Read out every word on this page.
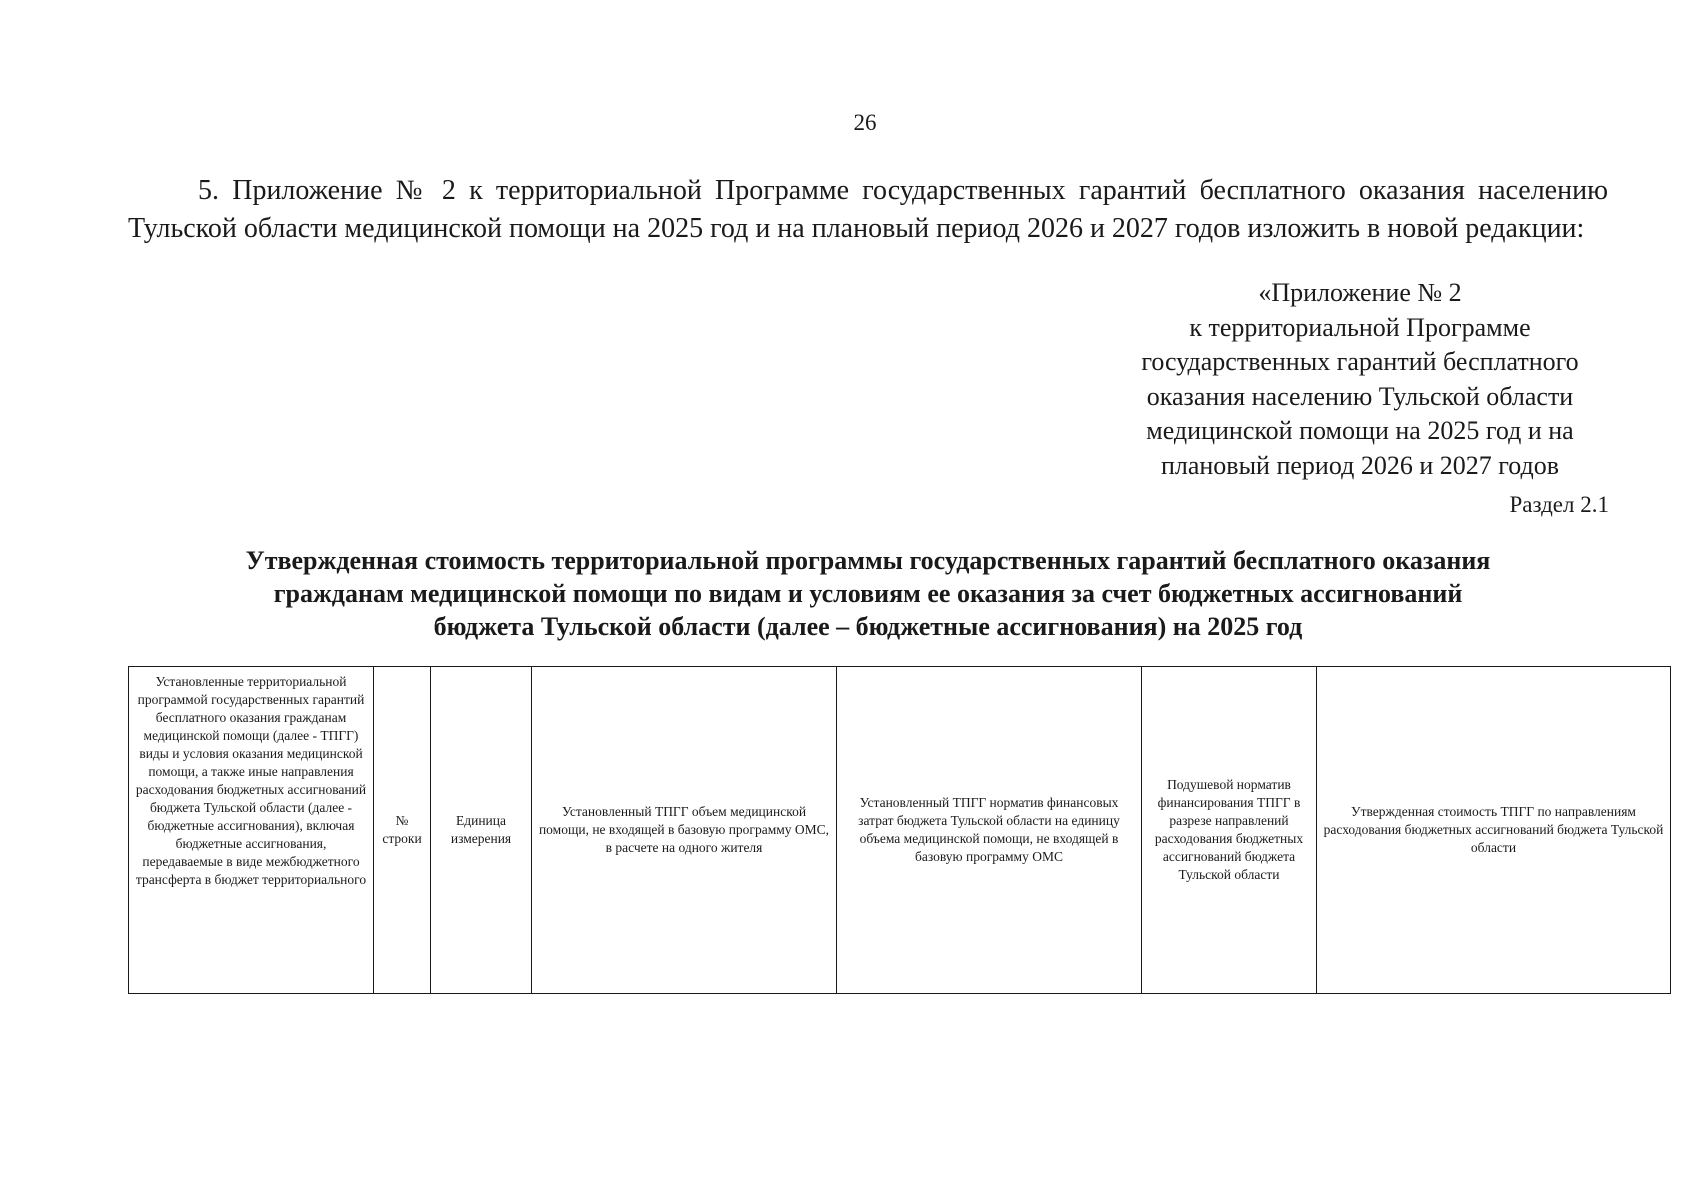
26
5. Приложение № 2 к территориальной Программе государственных гарантий бесплатного оказания населению
Тульской области медицинской помощи на 2025 год и на плановый период 2026 и 2027 годов изложить в новой редакции:
«Приложение № 2
к территориальной Программе
государственных гарантий бесплатного
оказания населению Тульской области
медицинской помощи на 2025 год и на
плановый период 2026 и 2027 годов
Раздел 2.1
Утвержденная стоимость территориальной программы государственных гарантий бесплатного оказания
гражданам медицинской помощи по видам и условиям ее оказания за счет бюджетных ассигнований
бюджета Тульской области (далее – бюджетные ассигнования) на 2025 год
Установленные территориальной программой государственных гарантий бесплатного оказания гражданам медицинской помощи (далее - ТПГГ) виды и условия оказания медицинской помощи, а также иные направления расходования бюджетных ассигнований бюджета Тульской области (далее - бюджетные ассигнования), включая бюджетные ассигнования, передаваемые в виде межбюджетного трансферта в бюджет территориального	№ строки	Единица измерения	Установленный ТПГГ объем медицинской помощи, не входящей в базовую программу ОМС, в расчете на одного жителя	Установленный ТПГГ норматив финансовых затрат бюджета Тульской области на единицу объема медицинской помощи, не входящей в базовую программу ОМС	Подушевой норматив финансирования ТПГГ в разрезе направлений расходования бюджетных ассигнований бюджета Тульской области	Утвержденная стоимость ТПГГ по направлениям расходования бюджетных ассигнований бюджета Тульской области
